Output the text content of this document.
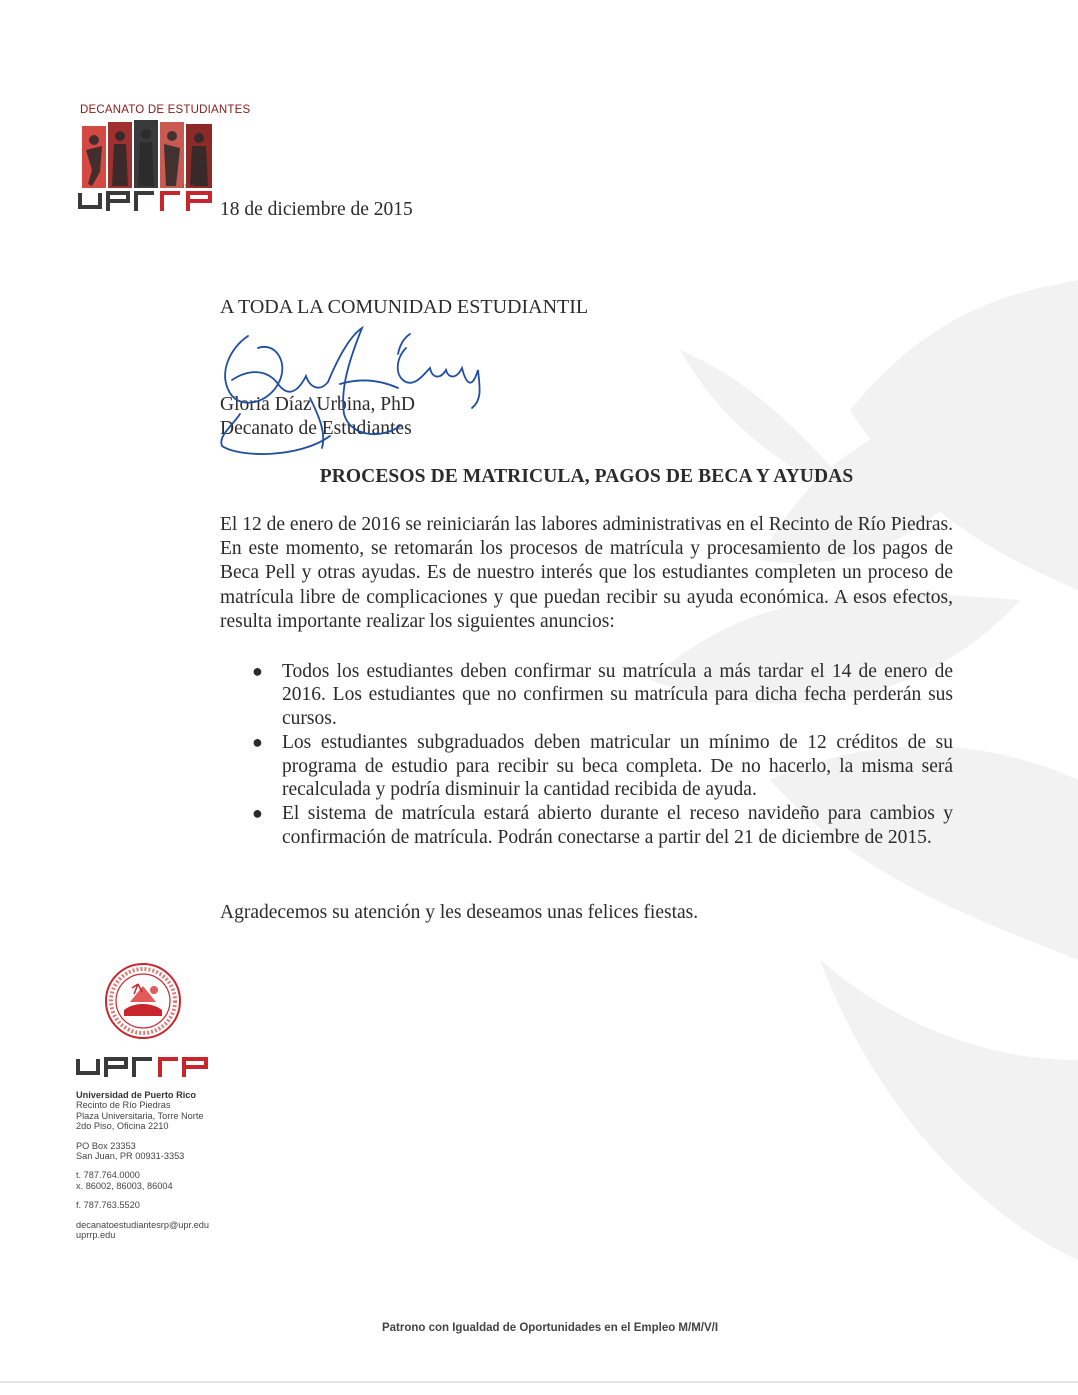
DECANATO DE ESTUDIANTES
1903
18 de diciembre de 2015
A TODA LA COMUNIDAD ESTUDIANTIL
Gloria Díaz Urbina, PhD
Decanato de Estudiantes
PROCESOS DE MATRICULA, PAGOS DE BECA Y AYUDAS

El 12 de enero de 2016 se reiniciarán las labores administrativas en el Recinto de Río Piedras. En este momento, se retomarán los procesos de matrícula y procesamiento de los pagos de Beca Pell y otras ayudas. Es de nuestro interés que los estudiantes completen un proceso de matrícula libre de complicaciones y que puedan recibir su ayuda económica. A esos efectos, resulta importante realizar los siguientes anuncios:

● Todos los estudiantes deben confirmar su matrícula a más tardar el 14 de enero de 2016. Los estudiantes que no confirmen su matrícula para dicha fecha perderán sus cursos.
● Los estudiantes subgraduados deben matricular un mínimo de 12 créditos de su programa de estudio para recibir su beca completa. De no hacerlo, la misma será recalculada y podría disminuir la cantidad recibida de ayuda.
● El sistema de matrícula estará abierto durante el receso navideño para cambios y confirmación de matrícula. Podrán conectarse a partir del 21 de diciembre de 2015.
Agradecemos su atención y les deseamos unas felices fiestas.
Universidad de Puerto Rico
Recinto de Río Piedras
Plaza Universitaria, Torre Norte
2do Piso, Oficina 2210
PO Box 23353
San Juan, PR 00931-3353
t. 787.764.0000
x. 86002, 86003, 86004
f. 787.763.5520
decanatoestudiantesrp@upr.edu
uprrp.edu
Patrono con Igualdad de Oportunidades en el Empleo M/M/V/I
